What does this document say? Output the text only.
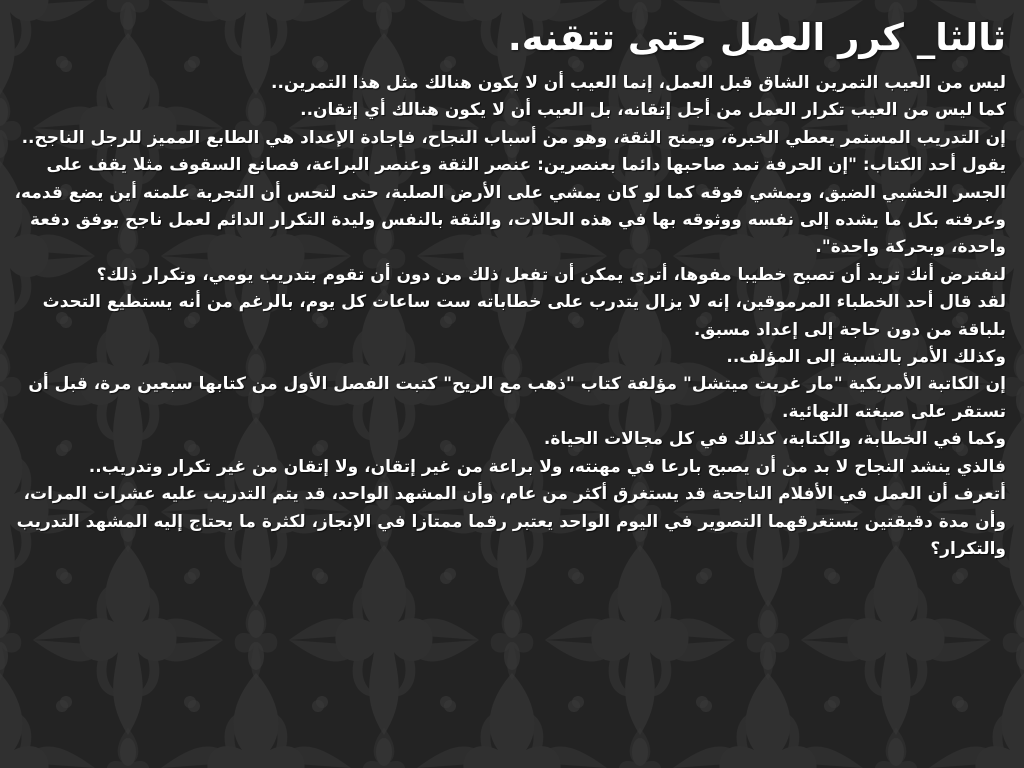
ثالثا_ كرر العمل حتى تتقنه.

ليس من العيب التمرين الشاق قبل العمل، إنما العيب أن لا يكون هنالك مثل هذا التمرين..

كما ليس من العيب تكرار العمل من أجل إتقانه، بل العيب أن لا يكون هنالك أي إتقان..

إن التدريب المستمر يعطي الخبرة، ويمنح الثقة، وهو من أسباب النجاح، فإجادة الإعداد هي الطابع المميز للرجل الناجح..

يقول أحد الكتاب: "إن الحرفة تمد صاحبها دائما بعنصرين: عنصر الثقة وعنصر البراعة، فصانع السقوف مثلا يقف على الجسر الخشبي الضيق، ويمشي فوقه كما لو كان يمشي على الأرض الصلبة، حتى لتحس أن التجربة علمته أين يضع قدمه، وعرفته بكل ما يشده إلى نفسه ووثوقه بها في هذه الحالات، والثقة بالنفس وليدة التكرار الدائم لعمل ناجح يوفق دفعة واحدة، وبحركة واحدة".

لنفترض أنك تريد أن تصبح خطيبا مفوها، أترى يمكن أن تفعل ذلك من دون أن تقوم بتدريب يومي، وتكرار ذلك؟

لقد قال أحد الخطباء المرموقين، إنه لا يزال يتدرب على خطاباته ست ساعات كل يوم، بالرغم من أنه يستطيع التحدث بلباقة من دون حاجة إلى إعداد مسبق.

وكذلك الأمر بالنسبة إلى المؤلف..

إن الكاتبة الأمريكية "مار غريت ميتشل" مؤلفة كتاب "ذهب مع الريح" كتبت الفصل الأول من كتابها سبعين مرة، قبل أن تستقر على صيغته النهائية.

وكما في الخطابة، والكتابة، كذلك في كل مجالات الحياة.

فالذي ينشد النجاح لا بد من أن يصبح بارعا في مهنته، ولا براعة من غير إتقان، ولا إتقان من غير تكرار وتدريب..

أتعرف أن العمل في الأفلام الناجحة قد يستغرق أكثر من عام، وأن المشهد الواحد، قد يتم التدريب عليه عشرات المرات، وأن مدة دقيقتين يستغرقهما التصوير في اليوم الواحد يعتبر رقما ممتازا في الإنجاز، لكثرة ما يحتاج إليه المشهد التدريب والتكرار؟
